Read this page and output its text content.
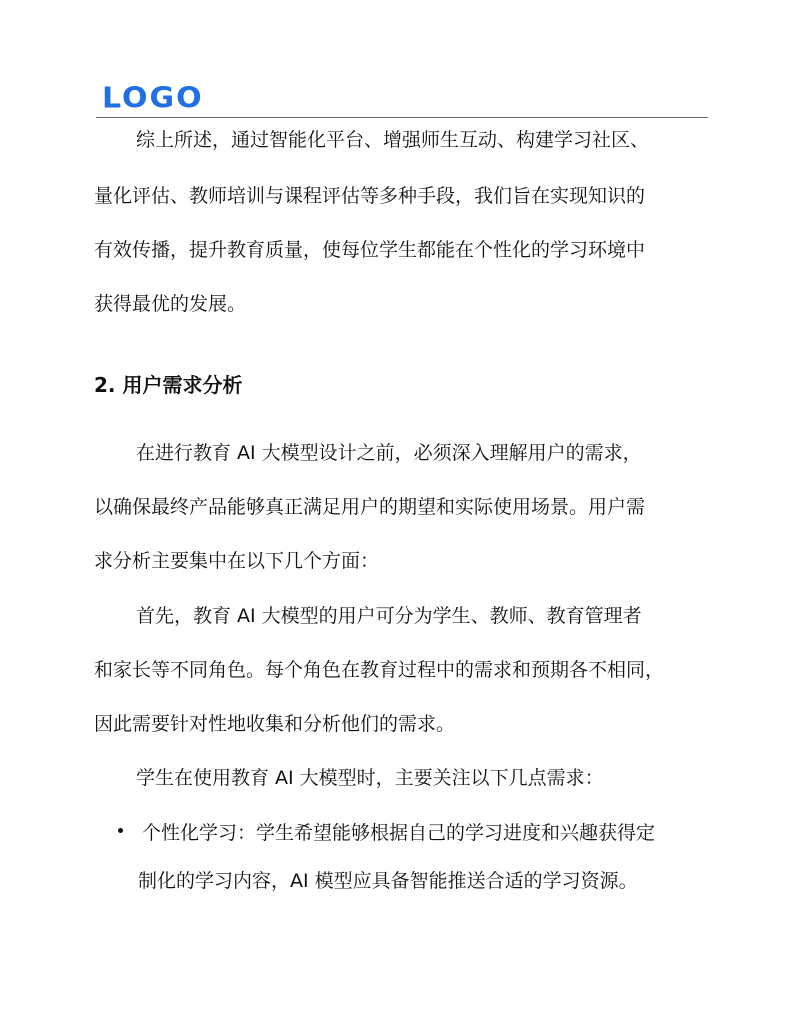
LOGO
综上所述，通过智能化平台、增强师生互动、构建学习社区、
量化评估、教师培训与课程评估等多种手段，我们旨在实现知识的
有效传播，提升教育质量，使每位学生都能在个性化的学习环境中
获得最优的发展。
2. 用户需求分析
在进行教育 AI 大模型设计之前，必须深入理解用户的需求，
以确保最终产品能够真正满足用户的期望和实际使用场景。用户需
求分析主要集中在以下几个方面：
首先，教育 AI 大模型的用户可分为学生、教师、教育管理者
和家长等不同角色。每个角色在教育过程中的需求和预期各不相同，
因此需要针对性地收集和分析他们的需求。
学生在使用教育 AI 大模型时，主要关注以下几点需求：
个性化学习：学生希望能够根据自己的学习进度和兴趣获得定
制化的学习内容，AI 模型应具备智能推送合适的学习资源。
